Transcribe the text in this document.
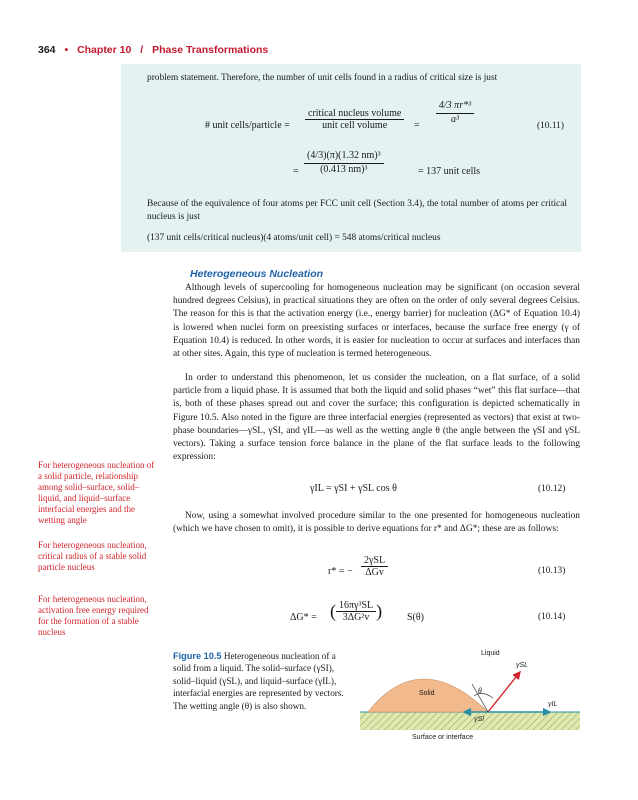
364 • Chapter 10 / Phase Transformations

problem statement. Therefore, the number of unit cells found in a radius of critical size is just

# unit cells/particle = $\frac{\text{critical nucleus volume}}{\text{unit cell volume}}$ =
$\frac{\text{4/3 πr*³}}{\text{a³}}$
(10.11)
= $\frac{\text{(4/3)(π)(1.32 nm)³}}{\text{(0.413 nm)³}}$	= 137 unit cells

Because of the equivalence of four atoms per FCC unit cell (Section 3.4), the total number of atoms per critical nucleus is just

(137 unit cells/critical nucleus)(4 atoms/unit cell) = 548 atoms/critical nucleus

Heterogeneous Nucleation

Although levels of supercooling for homogeneous nucleation may be significant (on occasion several hundred degrees Celsius), in practical situations they are often on the order of only several degrees Celsius. The reason for this is that the activation energy (i.e., energy barrier) for nucleation (ΔG* of Equation 10.4) is lowered when nuclei form on preexisting surfaces or interfaces, because the surface free energy (γ of Equation 10.4) is reduced. In other words, it is easier for nucleation to occur at surfaces and interfaces than at other sites. Again, this type of nucleation is termed heterogeneous.

In order to understand this phenomenon, let us consider the nucleation, on a flat surface, of a solid particle from a liquid phase. It is assumed that both the liquid and solid phases “wet” this flat surface—that is, both of these phases spread out and cover the surface; this configuration is depicted schematically in Figure 10.5. Also noted in the figure are three interfacial energies (represented as vectors) that exist at two-phase boundaries—γSL, γSI, and γIL—as well as the wetting angle θ (the angle between the γSI and γSL vectors). Taking a surface tension force balance in the plane of the flat surface leads to the following expression:

γIL = γSI + γSL cos θ	(10.12)

Now, using a somewhat involved procedure similar to the one presented for homogeneous nucleation (which we have chosen to omit), it is possible to derive equations for r* and ΔG*; these are as follows:

r* = − $\frac{\text{2γSL}}{\text{ΔGv}}$	(10.13)
ΔG* = ( $\frac{\text{16πγ³SL}}{\text{3ΔG²v}}$ ) S(θ)	(10.14)
For heterogeneous nucleation of a solid particle, relationship among solid–surface, solid–liquid, and liquid–surface interfacial energies and the wetting angle
For heterogeneous nucleation, critical radius of a stable solid particle nucleus
For heterogeneous nucleation, activation free energy required for the formation of a stable nucleus
Figure 10.5 Heterogeneous nucleation of a solid from a liquid. The solid–surface (γSI), solid–liquid (γSL), and liquid–surface (γIL), interfacial energies are represented by vectors. The wetting angle (θ) is also shown.
Liquid
Solid	θ
γSL
γIL
γSI
Surface or interface
